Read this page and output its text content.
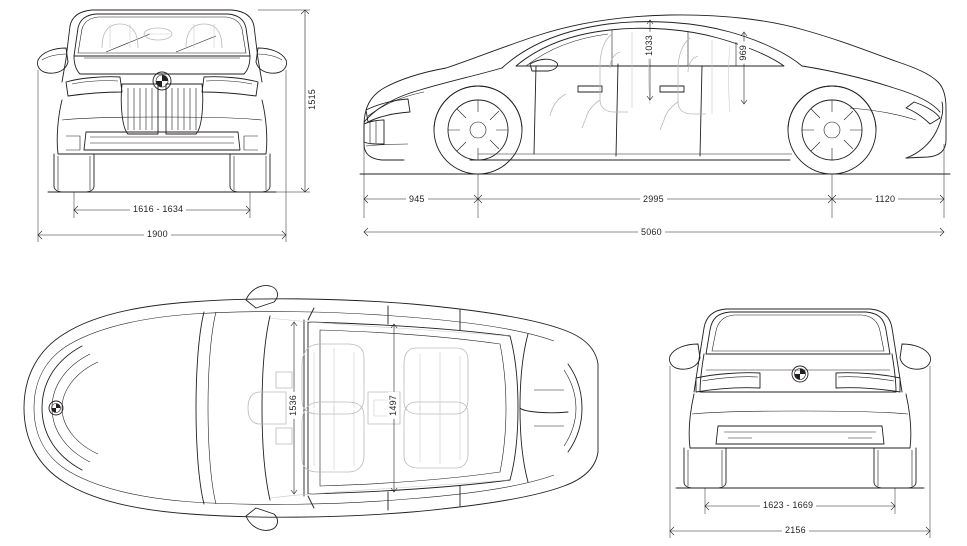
1515
1616 - 1634
1900
1033	969
945	2995	1120
5060
1536	1497
1623 - 1669
2156
